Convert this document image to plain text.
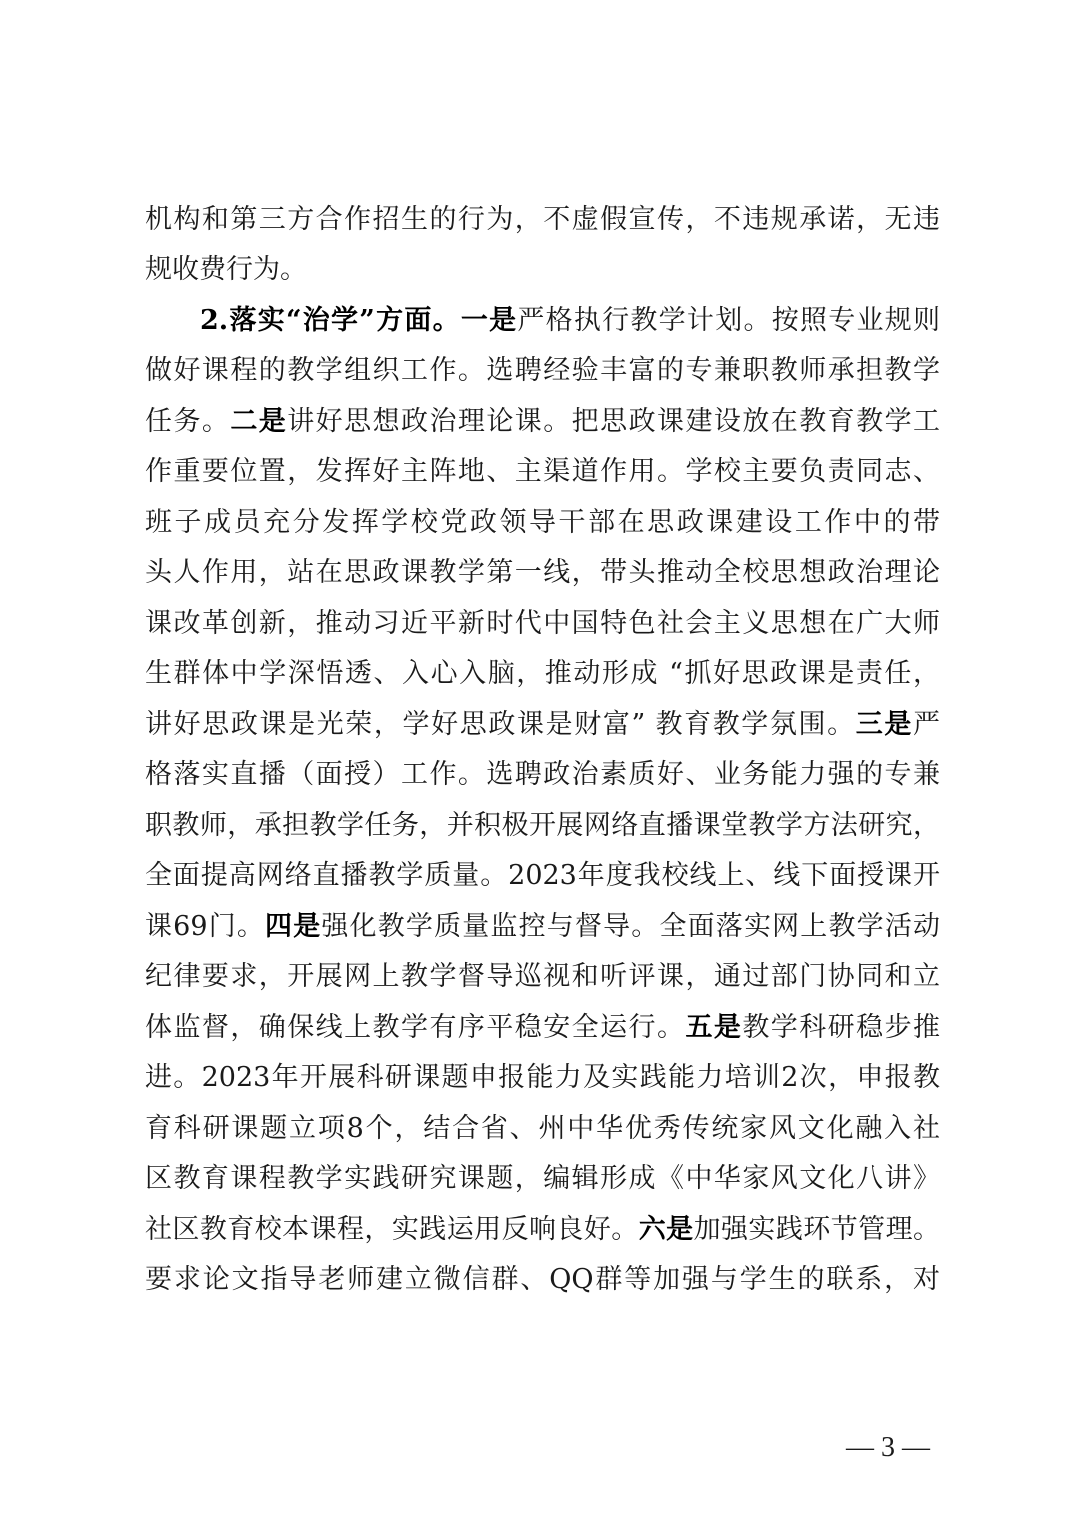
机构和第三方合作招生的行为，不虚假宣传，不违规承诺，无违
规收费行为。
2.落实“治学”方面。一是严格执行教学计划。按照专业规则
做好课程的教学组织工作。选聘经验丰富的专兼职教师承担教学
任务。二是讲好思想政治理论课。把思政课建设放在教育教学工
作重要位置，发挥好主阵地、主渠道作用。学校主要负责同志、
班子成员充分发挥学校党政领导干部在思政课建设工作中的带
头人作用，站在思政课教学第一线，带头推动全校思想政治理论
课改革创新，推动习近平新时代中国特色社会主义思想在广大师
生群体中学深悟透、入心入脑，推动形成 “抓好思政课是责任，
讲好思政课是光荣，学好思政课是财富” 教育教学氛围。三是严
格落实直播（面授）工作。选聘政治素质好、业务能力强的专兼
职教师，承担教学任务，并积极开展网络直播课堂教学方法研究，
全面提高网络直播教学质量。2023年度我校线上、线下面授课开
课69门。四是强化教学质量监控与督导。全面落实网上教学活动
纪律要求，开展网上教学督导巡视和听评课，通过部门协同和立
体监督，确保线上教学有序平稳安全运行。五是教学科研稳步推
进。2023年开展科研课题申报能力及实践能力培训2次，申报教
育科研课题立项8个，结合省、州中华优秀传统家风文化融入社
区教育课程教学实践研究课题，编辑形成《中华家风文化八讲》
社区教育校本课程，实践运用反响良好。六是加强实践环节管理。
要求论文指导老师建立微信群、QQ群等加强与学生的联系，对
— 3 —
